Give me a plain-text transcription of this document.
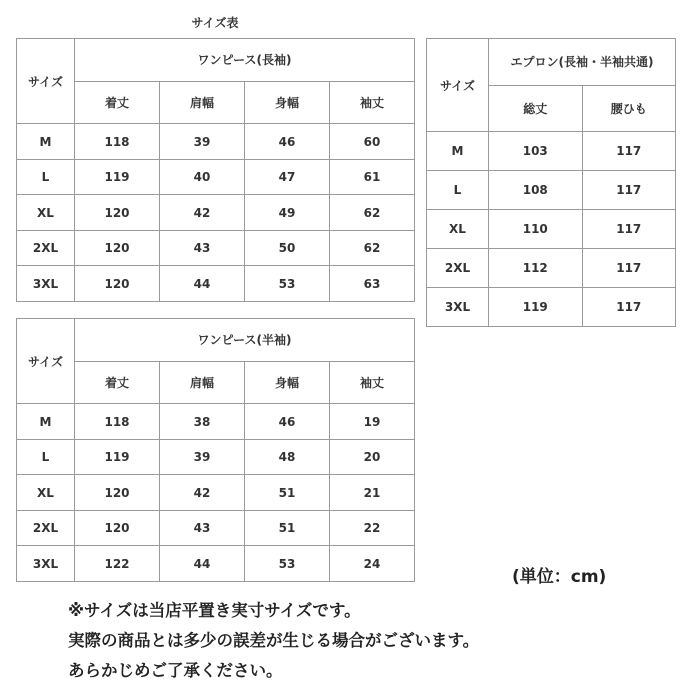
サイズ表
サイズ	ワンピース(長袖)			
	着丈	肩幅	身幅	袖丈
M	118	39	46	60
L	119	40	47	61
XL	120	42	49	62
2XL	120	43	50	62
3XL	120	44	53	63
サイズ	エプロン(長袖・半袖共通)	
	総丈	腰ひも
M	103	117
L	108	117
XL	110	117
2XL	112	117
3XL	119	117
サイズ	ワンピース(半袖)			
	着丈	肩幅	身幅	袖丈
M	118	38	46	19
L	119	39	48	20
XL	120	42	51	21
2XL	120	43	51	22
3XL	122	44	53	24
(単位：cm)

※サイズは当店平置き実寸サイズです。

実際の商品とは多少の誤差が生じる場合がございます。

あらかじめご了承ください。
